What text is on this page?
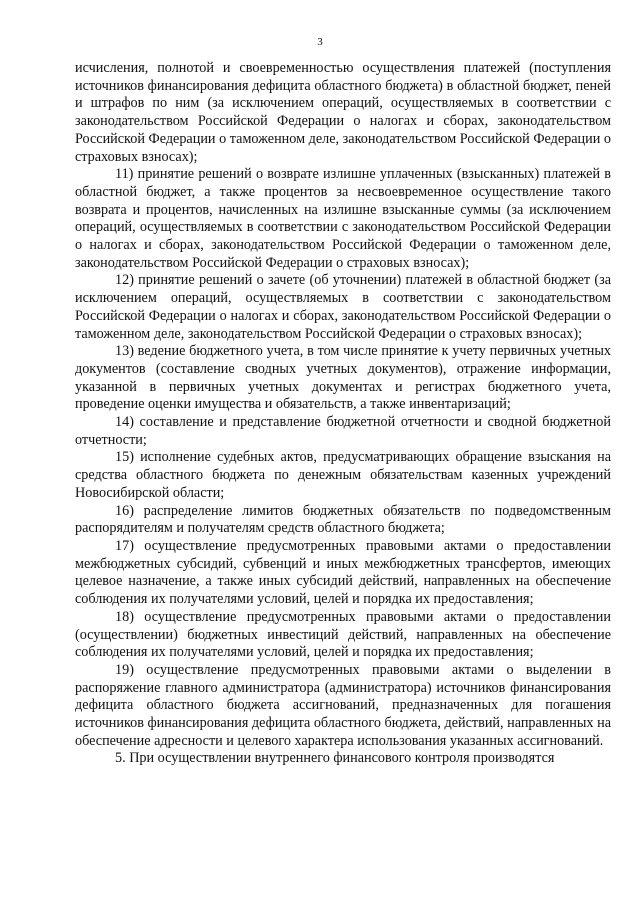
3

исчисления, полнотой и своевременностью осуществления платежей (поступления источников финансирования дефицита областного бюджета) в областной бюджет, пеней и штрафов по ним (за исключением операций, осуществляемых в соответствии с законодательством Российской Федерации о налогах и сборах, законодательством Российской Федерации о таможенном деле, законодательством Российской Федерации о страховых взносах);

11) принятие решений о возврате излишне уплаченных (взысканных) платежей в областной бюджет, а также процентов за несвоевременное осуществление такого возврата и процентов, начисленных на излишне взысканные суммы (за исключением операций, осуществляемых в соответствии с законодательством Российской Федерации о налогах и сборах, законодательством Российской Федерации о таможенном деле, законодательством Российской Федерации о страховых взносах);

12) принятие решений о зачете (об уточнении) платежей в областной бюджет (за исключением операций, осуществляемых в соответствии с законодательством Российской Федерации о налогах и сборах, законодательством Российской Федерации о таможенном деле, законодательством Российской Федерации о страховых взносах);

13) ведение бюджетного учета, в том числе принятие к учету первичных учетных документов (составление сводных учетных документов), отражение информации, указанной в первичных учетных документах и регистрах бюджетного учета, проведение оценки имущества и обязательств, а также инвентаризаций;

14) составление и представление бюджетной отчетности и сводной бюджетной отчетности;

15) исполнение судебных актов, предусматривающих обращение взыскания на средства областного бюджета по денежным обязательствам казенных учреждений Новосибирской области;

16) распределение лимитов бюджетных обязательств по подведомственным распорядителям и получателям средств областного бюджета;

17) осуществление предусмотренных правовыми актами о предоставлении межбюджетных субсидий, субвенций и иных межбюджетных трансфертов, имеющих целевое назначение, а также иных субсидий действий, направленных на обеспечение соблюдения их получателями условий, целей и порядка их предоставления;

18) осуществление предусмотренных правовыми актами о предоставлении (осуществлении) бюджетных инвестиций действий, направленных на обеспечение соблюдения их получателями условий, целей и порядка их предоставления;

19) осуществление предусмотренных правовыми актами о выделении в распоряжение главного администратора (администратора) источников финансирования дефицита областного бюджета ассигнований, предназначенных для погашения источников финансирования дефицита областного бюджета, действий, направленных на обеспечение адресности и целевого характера использования указанных ассигнований.

5. При осуществлении внутреннего финансового контроля производятся
